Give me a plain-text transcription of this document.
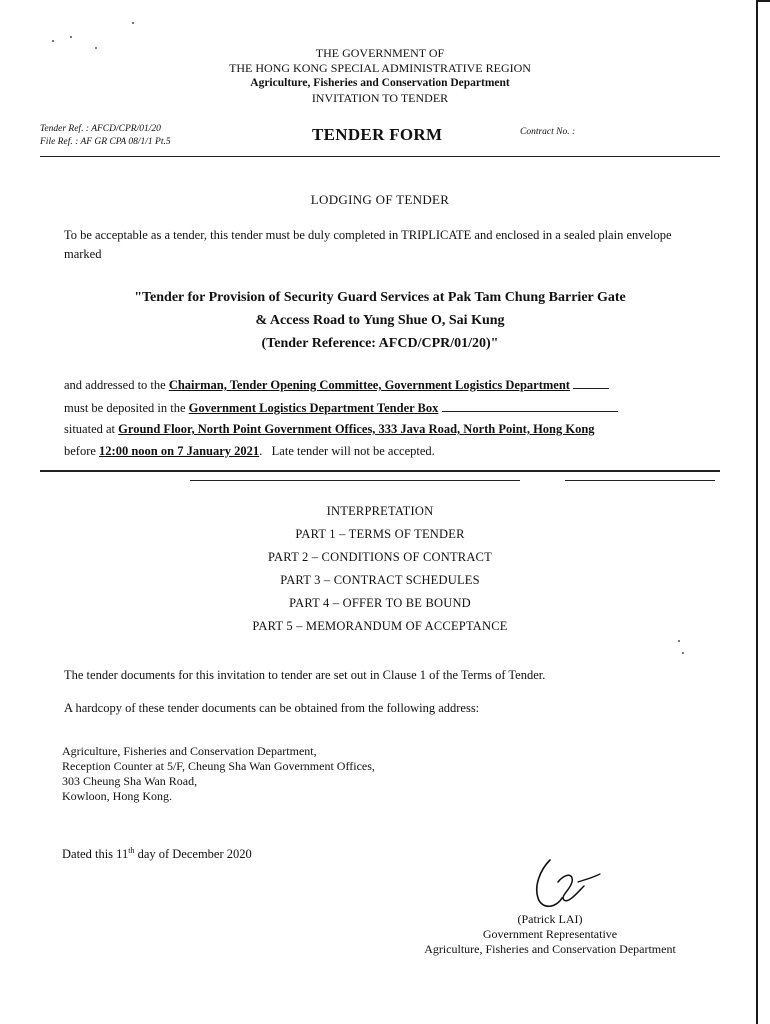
THE GOVERNMENT OF
THE HONG KONG SPECIAL ADMINISTRATIVE REGION
Agriculture, Fisheries and Conservation Department
INVITATION TO TENDER
Tender Ref. : AFCD/CPR/01/20
File Ref. : AF GR CPA 08/1/1 Pt.5	TENDER FORM	Contract No. :
LODGING OF TENDER
To be acceptable as a tender, this tender must be duly completed in TRIPLICATE and enclosed in a sealed plain envelope marked
"Tender for Provision of Security Guard Services at Pak Tam Chung Barrier Gate
& Access Road to Yung Shue O, Sai Kung
(Tender Reference: AFCD/CPR/01/20)"
and addressed to the Chairman, Tender Opening Committee, Government Logistics Department
must be deposited in the Government Logistics Department Tender Box
situated at Ground Floor, North Point Government Offices, 333 Java Road, North Point, Hong Kong
before 12:00 noon on 7 January 2021.   Late tender will not be accepted.
INTERPRETATION
PART 1 – TERMS OF TENDER
PART 2 – CONDITIONS OF CONTRACT
PART 3 – CONTRACT SCHEDULES
PART 4 – OFFER TO BE BOUND
PART 5 – MEMORANDUM OF ACCEPTANCE
The tender documents for this invitation to tender are set out in Clause 1 of the Terms of Tender.
A hardcopy of these tender documents can be obtained from the following address:
Agriculture, Fisheries and Conservation Department,
Reception Counter at 5/F, Cheung Sha Wan Government Offices,
303 Cheung Sha Wan Road,
Kowloon, Hong Kong.
Dated this 11th day of December 2020
(Patrick LAI)
Government Representative
Agriculture, Fisheries and Conservation Department
